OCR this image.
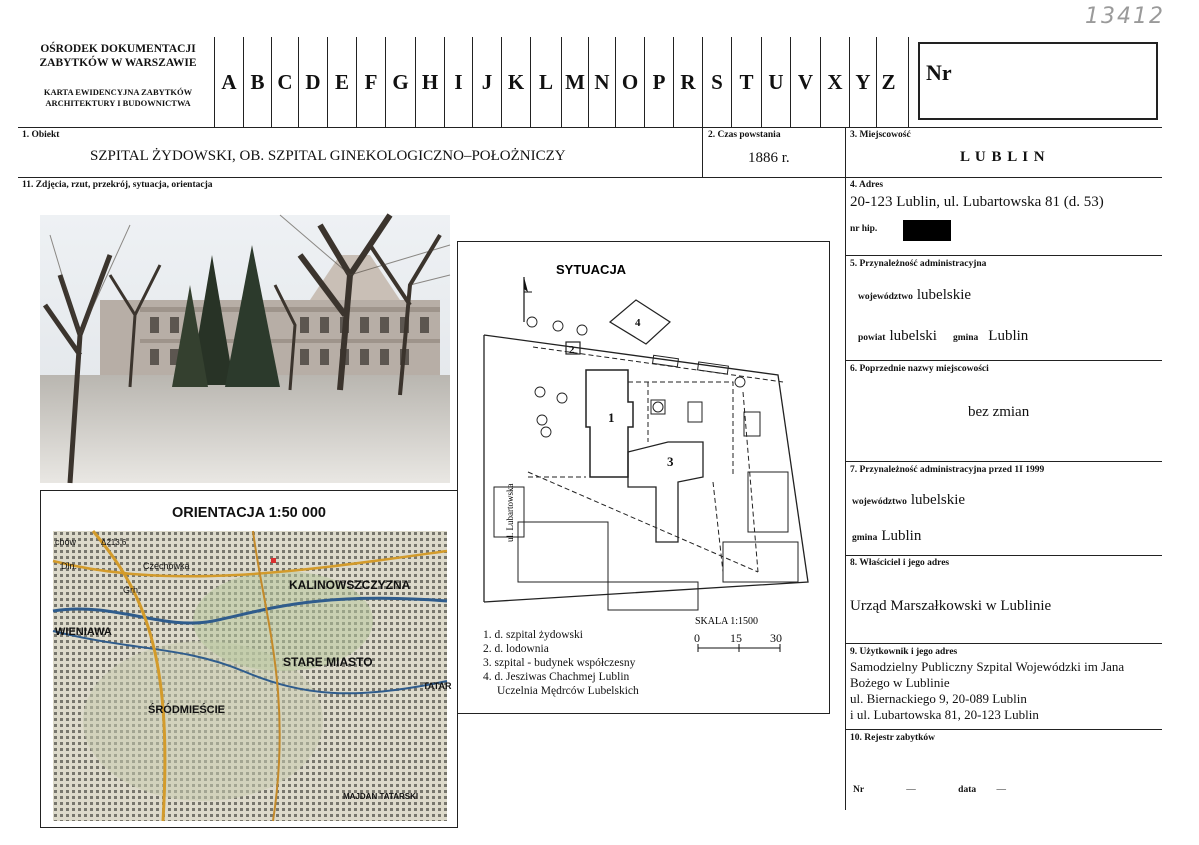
13412
OŚRODEK DOKUMENTACJI
ZABYTKÓW W WARSZAWIE
KARTA EWIDENCYJNA ZABYTKÓW
ARCHITEKTURY I BUDOWNICTWA
A B C D E F G H I J K L M N O P R S T U V X Y Z Nr
1. Obiekt
SZPITAL ŻYDOWSKI, OB. SZPITAL GINEKOLOGICZNO–POŁOŻNICZY
2. Czas powstania
1886 r.
3. Miejscowość
L U B L I N
11. Zdjęcia, rzut, przekrój, sytuacja, orientacja
ORIENTACJA 1:50 000
KALINOWSZCZYZNA
WIENIAWA
STARE MIASTO
ŚRÓDMIEŚCIE
TATAR
Czechówka
Dln.
Grn.
chów
MAJDAN TATARSKI
Δ213.6
SYTUACJA
1
2
3
4
ul. Lubartowska
SKALA 1:1500
0	15 30
1. d. szpital żydowski
2. d. lodownia
3. szpital - budynek współczesny
4. d. Jesziwas Chachmej Lublin
Uczelnia Mędrców Lubelskich
4. Adres
20-123 Lublin, ul. Lubartowska 81 (d. 53)
nr hip.
5. Przynależność administracyjna
województwo lubelskie
powiat lubelski gmina Lublin
6. Poprzednie nazwy miejscowości
bez zmian
7. Przynależność administracyjna przed 1I 1999
województwo lubelskie
gmina Lublin
8. Właściciel i jego adres
Urząd Marszałkowski w Lublinie
9. Użytkownik i jego adres
Samodzielny Publiczny Szpital Wojewódzki im Jana
Bożego w Lublinie
ul. Biernackiego 9, 20-089 Lublin
i ul. Lubartowska 81, 20-123 Lublin
10. Rejestr zabytków
Nr	—	data —
